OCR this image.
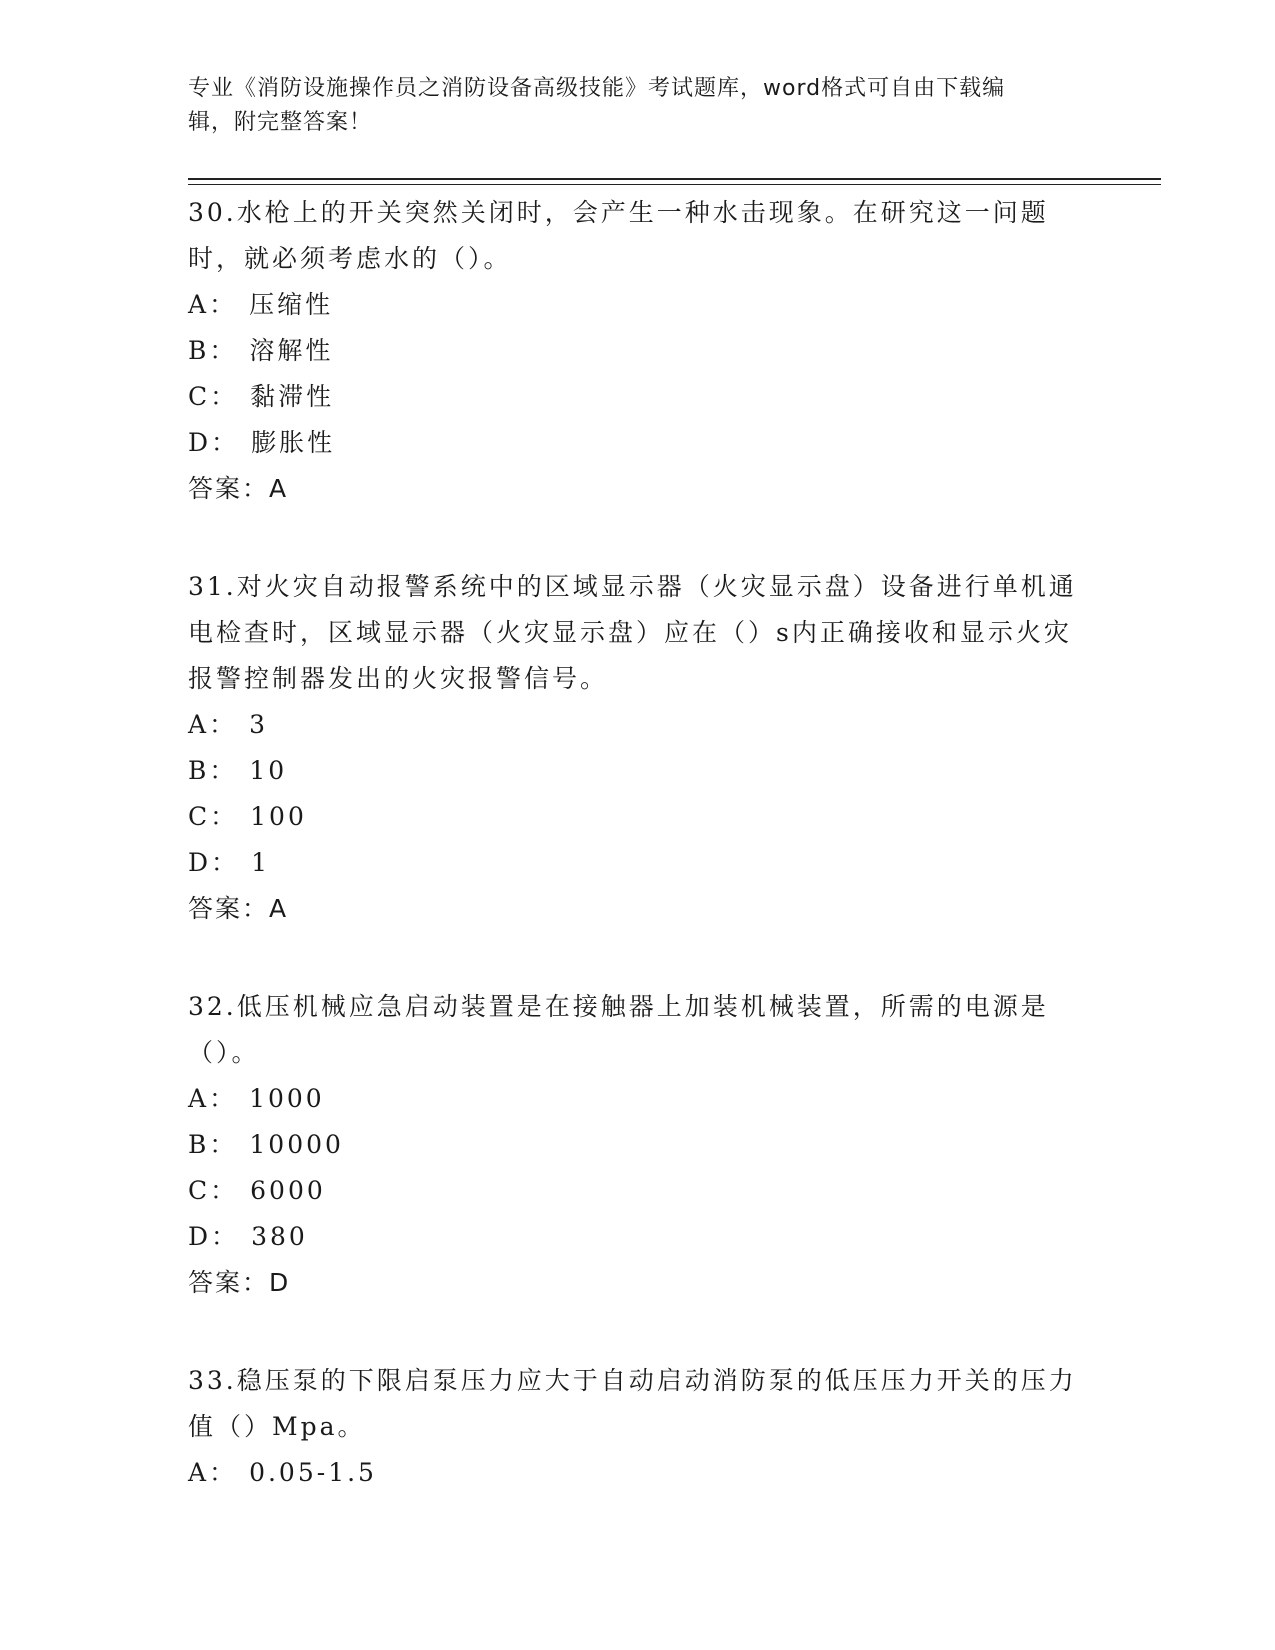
专业《消防设施操作员之消防设备高级技能》考试题库，word格式可自由下载编
辑，附完整答案！

30.水枪上的开关突然关闭时，会产生一种水击现象。在研究这一问题时，就必须考虑水的（）。

A： 压缩性

B： 溶解性

C： 黏滞性

D： 膨胀性

答案：A

31.对火灾自动报警系统中的区域显示器（火灾显示盘）设备进行单机通电检查时，区域显示器（火灾显示盘）应在（）s内正确接收和显示火灾报警控制器发出的火灾报警信号。

A： 3

B： 10

C： 100

D： 1

答案：A

32.低压机械应急启动装置是在接触器上加装机械装置，所需的电源是（）。

A： 1000

B： 10000

C： 6000

D： 380

答案：D

33.稳压泵的下限启泵压力应大于自动启动消防泵的低压压力开关的压力值（）Mpa。

A： 0.05-1.5
